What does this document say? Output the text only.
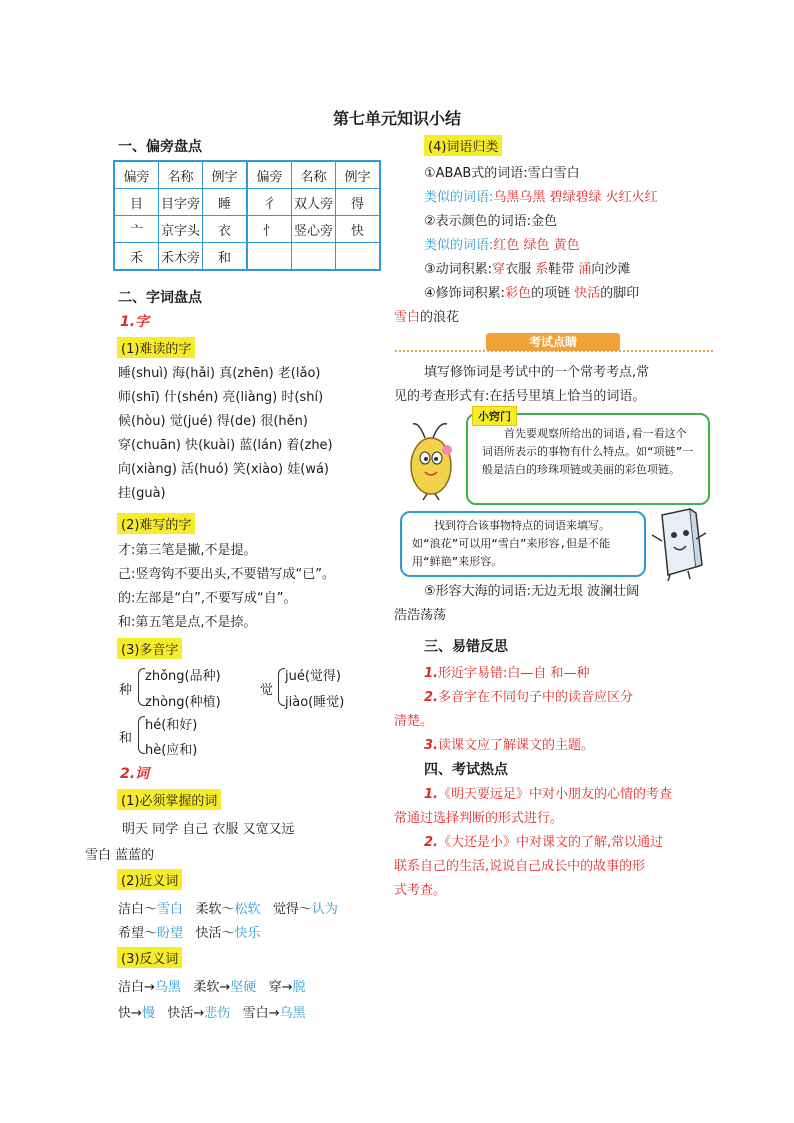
第七单元知识小结
一、偏旁盘点
偏旁	名称	例字	偏旁	名称	例字
目	目字旁	睡	彳	双人旁	得
亠	京字头	衣	忄	竖心旁	快
禾	禾木旁	和			
二、字词盘点
1.字
(1)难读的字
睡(shuì) 海(hǎi) 真(zhēn) 老(lǎo)
师(shī) 什(shén) 亮(liàng) 时(shí)
候(hòu) 觉(jué) 得(de) 很(hěn)
穿(chuān) 快(kuài) 蓝(lán) 着(zhe)
向(xiàng) 活(huó) 笑(xiào) 娃(wá)
挂(guà)
(2)难写的字
才:第三笔是撇,不是提。
己:竖弯钩不要出头,不要错写成“已”。
的:左部是“白”,不要写成“自”。
和:第五笔是点,不是捺。
(3)多音字
种
zhǒng(品种)
zhòng(种植)
觉
jué(觉得)
jiào(睡觉)
和
hé(和好)
hè(应和)
2.词
(1)必须掌握的词
明天 同学 自己 衣服 又宽又远
雪白 蓝蓝的
(2)近义词
洁白～雪白 柔软～松软 觉得～认为
希望～盼望 快活～快乐
(3)反义词
洁白→乌黑 柔软→坚硬 穿→脱
快→慢 快活→悲伤 雪白→乌黑
(4)词语归类
①ABAB式的词语:雪白雪白
类似的词语:乌黑乌黑 碧绿碧绿 火红火红
②表示颜色的词语:金色
类似的词语:红色 绿色 黄色
③动词积累:穿衣服 系鞋带 涌向沙滩
④修饰词积累:彩色的项链 快活的脚印
雪白的浪花
考试点睛
填写修饰词是考试中的一个常考考点,常
见的考查形式有:在括号里填上恰当的词语。
首先要观察所给出的词语,看一看这个词语所表示的事物有什么特点。如“项链”一般是洁白的珍珠项链或美丽的彩色项链。
小窍门
找到符合该事物特点的词语来填写。如“浪花”可以用“雪白”来形容,但是不能用“鲜艳”来形容。
⑤形容大海的词语:无边无垠 波澜壮阔
浩浩荡荡
三、易错反思
1.形近字易错:白—自 和—种
2.多音字在不同句子中的读音应区分
清楚。
3.读课文应了解课文的主题。
四、考试热点
1.《明天要远足》中对小朋友的心情的考查
常通过选择判断的形式进行。
2.《大还是小》中对课文的了解,常以通过
联系自己的生活,说说自己成长中的故事的形
式考查。
